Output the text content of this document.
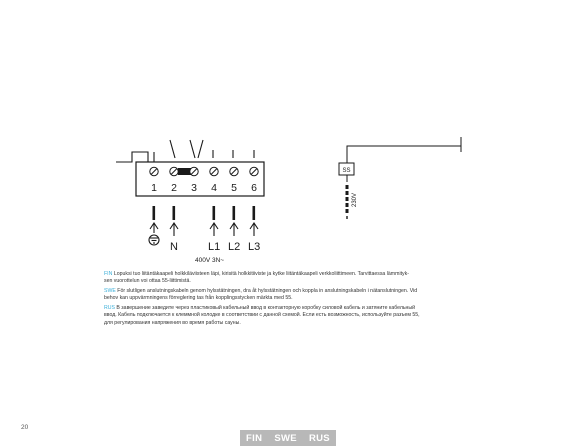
1 2 3 4 5 6
N	L1 L2 L3
400V 3N~
SS
230V
FIN Lopuksi tuo liitäntäkaapeli holkkiläviisteen läpi, kirisitä holkkitiiviste ja kytke liitäntäkaapeli verkkoliittimeen. Tarvittaessa lämmityk-
sen vuorottelun voi ottaa 55-liittimistä.
SWE För slutligen anslutningskabeln genom hylsstätningen, dra åt hylsstätningen och koppla in anslutningskabeln i nätanslutningen. Vid
behov kan uppvärmningens förreglering tas från kopplingsstycken märkta med 55.
RUS В завершение заведите через пластиковый кабельный ввод в контакторную коробку силовой кабель и затяните кабельный
ввод. Кабель подключается к клеммной колодке в соответствии с данной схемой. Если есть возможность, используйте разъем 55,
для регулирования напряжения во время работы сауны.
20
FIN SWE RUS
